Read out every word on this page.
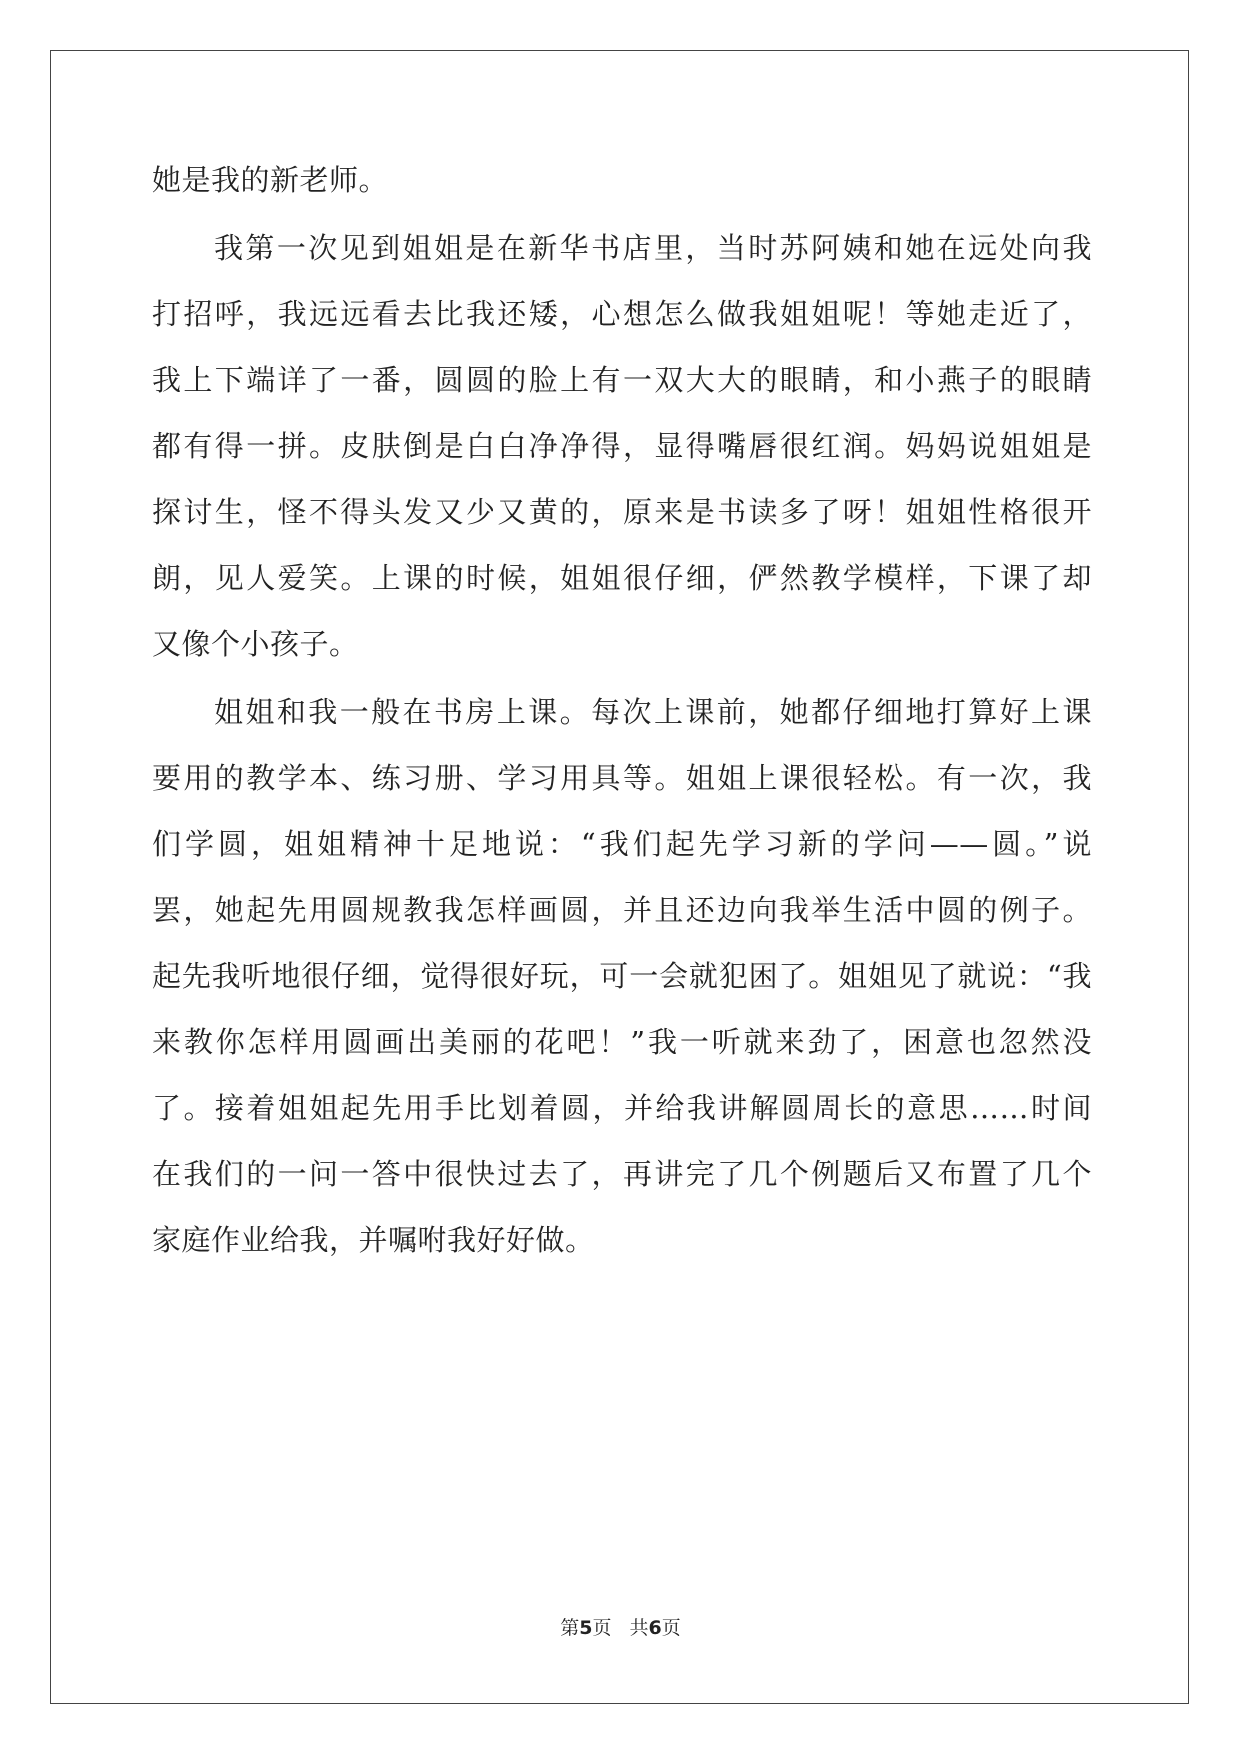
她是我的新老师。
我第一次见到姐姐是在新华书店里，当时苏阿姨和她在远处向我
打招呼，我远远看去比我还矮，心想怎么做我姐姐呢！等她走近了，
我上下端详了一番，圆圆的脸上有一双大大的眼睛，和小燕子的眼睛
都有得一拼。皮肤倒是白白净净得，显得嘴唇很红润。妈妈说姐姐是
探讨生，怪不得头发又少又黄的，原来是书读多了呀！姐姐性格很开
朗，见人爱笑。上课的时候，姐姐很仔细，俨然教学模样，下课了却
又像个小孩子。
姐姐和我一般在书房上课。每次上课前，她都仔细地打算好上课
要用的教学本、练习册、学习用具等。姐姐上课很轻松。有一次，我
们学圆，姐姐精神十足地说：“我们起先学习新的学问——圆。”说
罢，她起先用圆规教我怎样画圆，并且还边向我举生活中圆的例子。
起先我听地很仔细，觉得很好玩，可一会就犯困了。姐姐见了就说：“我
来教你怎样用圆画出美丽的花吧！”我一听就来劲了，困意也忽然没
了。接着姐姐起先用手比划着圆，并给我讲解圆周长的意思……时间
在我们的一问一答中很快过去了，再讲完了几个例题后又布置了几个
家庭作业给我，并嘱咐我好好做。
第5页 共6页
